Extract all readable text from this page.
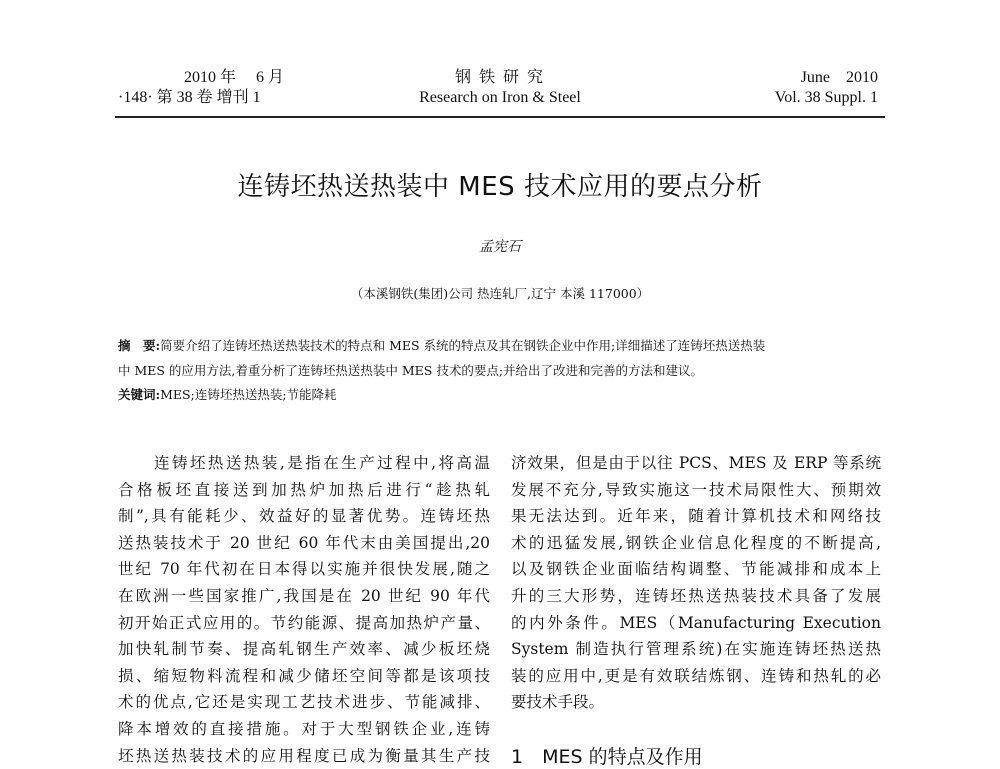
2010 年　 6 月
·148· 第 38 卷 增刊 1
钢 铁 研 究
Research on Iron & Steel
June　2010
Vol. 38 Suppl. 1
连铸坯热送热装中 MES 技术应用的要点分析
孟宪石
（本溪钢铁(集团)公司 热连轧厂,辽宁 本溪 117000）
摘　要:简要介绍了连铸坯热送热装技术的特点和 MES 系统的特点及其在钢铁企业中作用;详细描述了连铸坯热送热装
中 MES 的应用方法,着重分析了连铸坯热送热装中 MES 技术的要点;并给出了改进和完善的方法和建议。
关键词:MES;连铸坯热送热装;节能降耗
　　连铸坯热送热装,是指在生产过程中,将高温
合格板坯直接送到加热炉加热后进行“趁热轧
制”,具有能耗少、效益好的显著优势。连铸坯热
送热装技术于 20 世纪 60 年代末由美国提出,20
世纪 70 年代初在日本得以实施并很快发展,随之
在欧洲一些国家推广,我国是在 20 世纪 90 年代
初开始正式应用的。节约能源、提高加热炉产量、
加快轧制节奏、提高轧钢生产效率、减少板坯烧
损、缩短物料流程和减少储坯空间等都是该项技
术的优点,它还是实现工艺技术进步、节能减排、
降本增效的直接措施。对于大型钢铁企业,连铸
坯热送热装技术的应用程度已成为衡量其生产技
济效果，但是由于以往 PCS、MES 及 ERP 等系统
发展不充分,导致实施这一技术局限性大、预期效
果无法达到。近年来，随着计算机技术和网络技
术的迅猛发展,钢铁企业信息化程度的不断提高,
以及钢铁企业面临结构调整、节能减排和成本上
升的三大形势，连铸坯热送热装技术具备了发展
的内外条件。MES（Manufacturing Execution
System 制造执行管理系统)在实施连铸坯热送热
装的应用中,更是有效联结炼钢、连铸和热轧的必
要技术手段。
1　MES 的特点及作用
